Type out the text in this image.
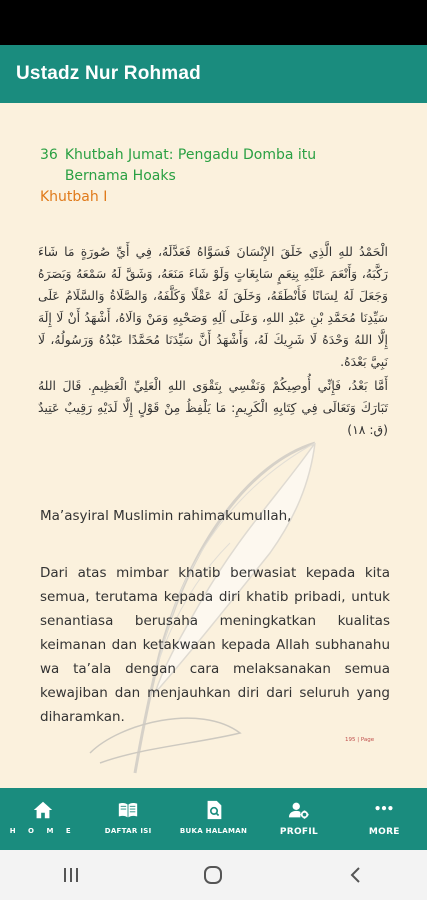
Ustadz Nur Rohmad
36 Khutbah Jumat: Pengadu Domba itu
Bernama Hoaks
Khutbah I

الْحَمْدُ للهِ الَّذِي خَلَقَ الإِنْسَانَ فَسَوَّاهُ فَعَدَّلَهُ، فِي أَيِّ صُورَةٍ مَا شَاءَ رَكَّبَهُ، وَأَنْعَمَ عَلَيْهِ بِنِعَمٍ سَابِغَاتٍ وَلَوْ شَاءَ مَنَعَهُ، وَشَقَّ لَهُ سَمْعَهُ وَبَصَرَهُ وَجَعَلَ لَهُ لِسَانًا فَأَنْطَقَهُ، وَخَلَقَ لَهُ عَقْلًا وَكَلَّفَهُ، وَالصَّلَاةُ وَالسَّلَامُ عَلَى سَيِّدِنَا مُحَمَّدِ بْنِ عَبْدِ اللهِ، وَعَلَى آلِهِ وَصَحْبِهِ وَمَنْ وَالَاهُ، أَشْهَدُ أَنْ لَا إِلَهَ إِلَّا اللهُ وَحْدَهُ لَا شَرِيكَ لَهُ، وَأَشْهَدُ أَنَّ سَيِّدَنَا مُحَمَّدًا عَبْدُهُ وَرَسُولُهُ، لَا نَبِيَّ بَعْدَهُ.

أَمَّا بَعْدُ، فَإِنِّي أُوصِيكُمْ وَنَفْسِي بِتَقْوَى اللهِ الْعَلِيِّ الْعَظِيمِ. قَالَ اللهُ تَبَارَكَ وَتَعَالَى فِي كِتَابِهِ الْكَرِيمِ: مَا يَلْفِظُ مِنْ قَوْلٍ إِلَّا لَدَيْهِ رَقِيبٌ عَتِيدٌ (ق: ١٨)

Ma’asyiral Muslimin rahimakumullah,
Dari atas mimbar khatib berwasiat kepada kita semua, terutama kepada diri khatib pribadi, untuk senantiasa berusaha meningkatkan kualitas keimanan dan ketakwaan kepada Allah subhanahu wa ta’ala dengan cara melaksanakan semua kewajiban dan menjauhkan diri dari seluruh yang diharamkan.
195 | Page
H O M E	DAFTAR ISI	BUKA HALAMAN	PROFIL	MORE
